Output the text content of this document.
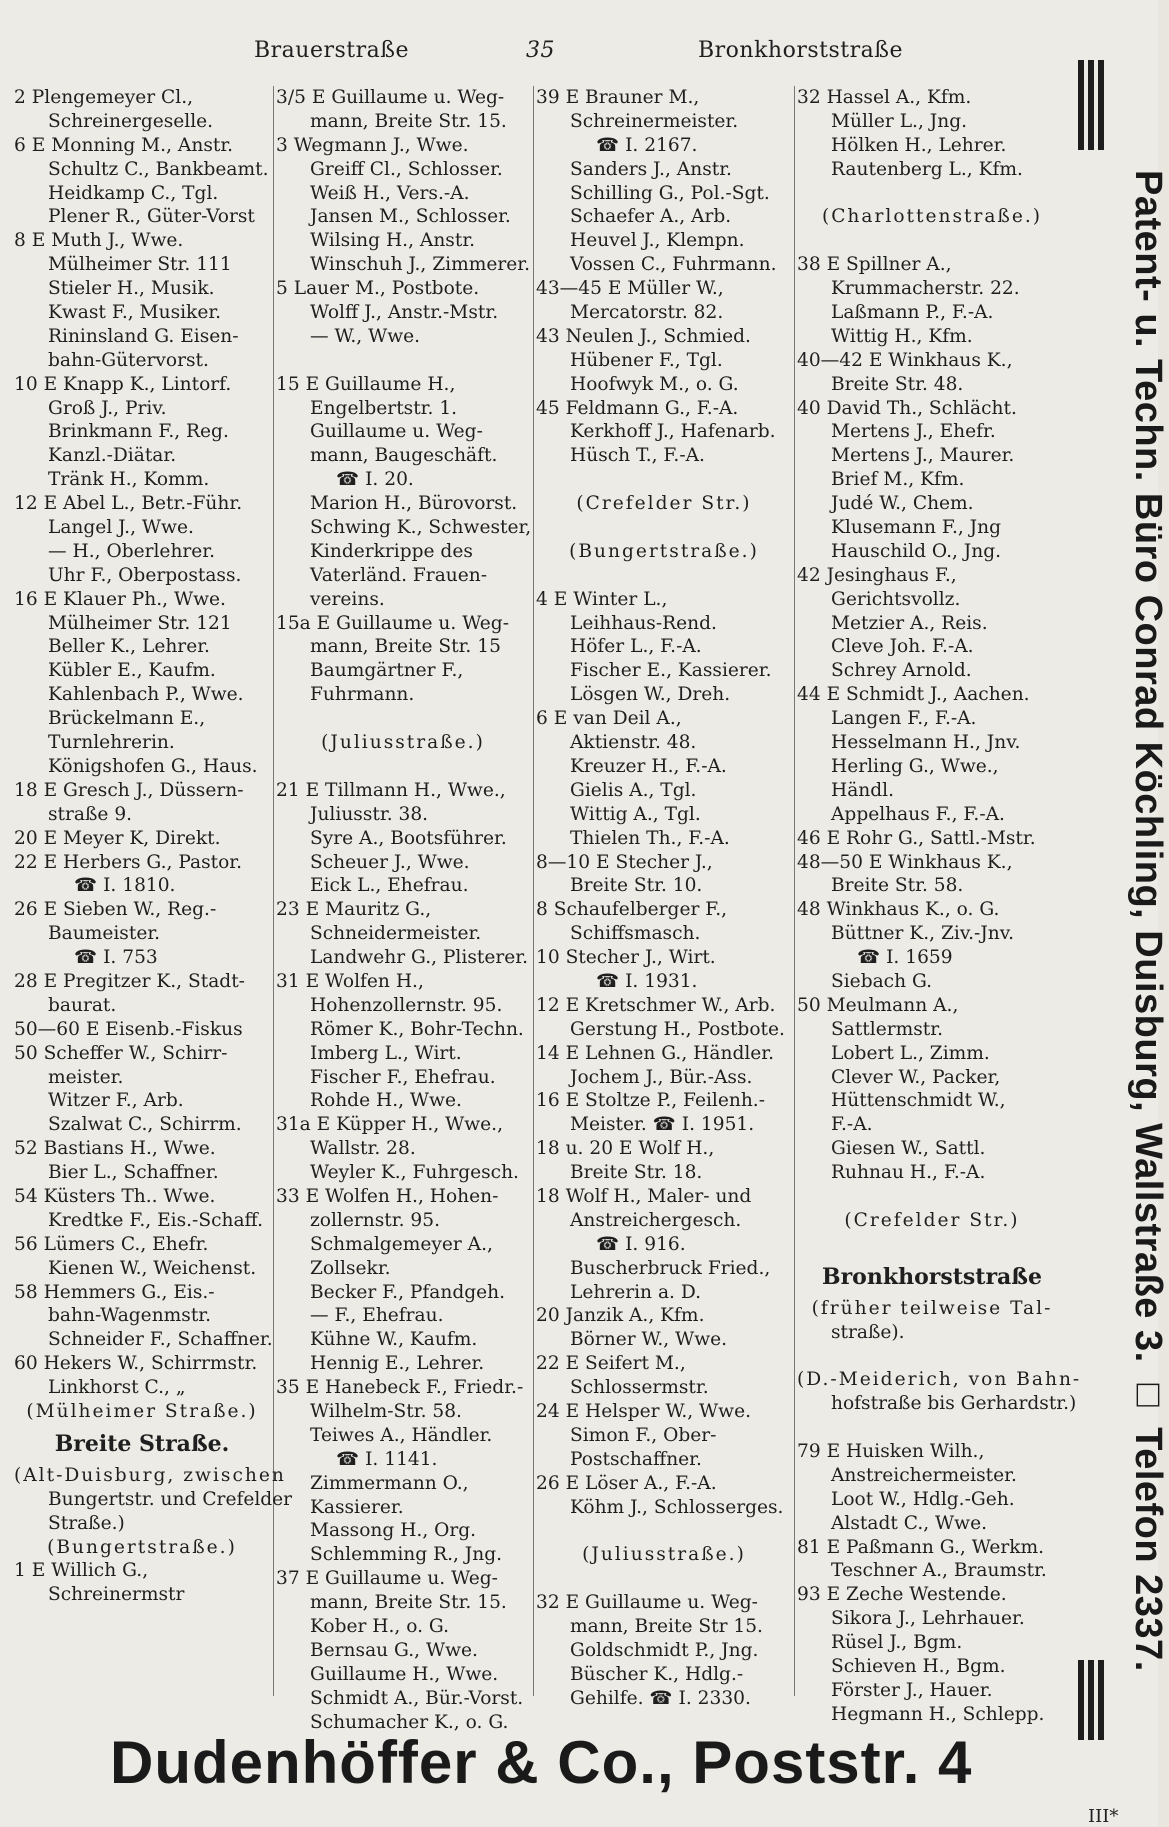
Brauerstraße	35	Bronkhorststraße
2 Plengemeyer Cl.,
Schreinergeselle.
6 E Monning M., Anstr.
Schultz C., Bankbeamt.
Heidkamp C., Tgl.
Plener R., Güter-Vorst
8 E Muth J., Wwe.
Mülheimer Str. 111
Stieler H., Musik.
Kwast F., Musiker.
Rininsland G. Eisen-
bahn-Gütervorst.
10 E Knapp K., Lintorf.
Groß J., Priv.
Brinkmann F., Reg.
Kanzl.-Diätar.
Tränk H., Komm.
12 E Abel L., Betr.-Führ.
Langel J., Wwe.
— H., Oberlehrer.
Uhr F., Oberpostass.
16 E Klauer Ph., Wwe.
Mülheimer Str. 121
Beller K., Lehrer.
Kübler E., Kaufm.
Kahlenbach P., Wwe.
Brückelmann E.,
Turnlehrerin.
Königshofen G., Haus.
18 E Gresch J., Düssern-
straße 9.
20 E Meyer K, Direkt.
22 E Herbers G., Pastor.
☎ I. 1810.
26 E Sieben W., Reg.-
Baumeister.
☎ I. 753
28 E Pregitzer K., Stadt-
baurat.
50—60 E Eisenb.-Fiskus
50 Scheffer W., Schirr-
meister.
Witzer F., Arb.
Szalwat C., Schirrm.
52 Bastians H., Wwe.
Bier L., Schaffner.
54 Küsters Th.. Wwe.
Kredtke F., Eis.-Schaff.
56 Lümers C., Ehefr.
Kienen W., Weichenst.
58 Hemmers G., Eis.-
bahn-Wagenmstr.
Schneider F., Schaffner.
60 Hekers W., Schirrmstr.
Linkhorst C., „
(Mülheimer Straße.)
Breite Straße.
(Alt-Duisburg, zwischen
Bungertstr. und Crefelder
Straße.)
(Bungertstraße.)
1 E Willich G.,
Schreinermstr
3/5 E Guillaume u. Weg-
mann, Breite Str. 15.
3 Wegmann J., Wwe.
Greiff Cl., Schlosser.
Weiß H., Vers.-A.
Jansen M., Schlosser.
Wilsing H., Anstr.
Winschuh J., Zimmerer.
5 Lauer M., Postbote.
Wolff J., Anstr.-Mstr.
— W., Wwe.
15 E Guillaume H.,
Engelbertstr. 1.
Guillaume u. Weg-
mann, Baugeschäft.
☎ I. 20.
Marion H., Bürovorst.
Schwing K., Schwester,
Kinderkrippe des
Vaterländ. Frauen-
vereins.
15a E Guillaume u. Weg-
mann, Breite Str. 15
Baumgärtner F.,
Fuhrmann.
(Juliusstraße.)
21 E Tillmann H., Wwe.,
Juliusstr. 38.
Syre A., Bootsführer.
Scheuer J., Wwe.
Eick L., Ehefrau.
23 E Mauritz G.,
Schneidermeister.
Landwehr G., Plisterer.
31 E Wolfen H.,
Hohenzollernstr. 95.
Römer K., Bohr-Techn.
Imberg L., Wirt.
Fischer F., Ehefrau.
Rohde H., Wwe.
31a E Küpper H., Wwe.,
Wallstr. 28.
Weyler K., Fuhrgesch.
33 E Wolfen H., Hohen-
zollernstr. 95.
Schmalgemeyer A.,
Zollsekr.
Becker F., Pfandgeh.
— F., Ehefrau.
Kühne W., Kaufm.
Hennig E., Lehrer.
35 E Hanebeck F., Friedr.-
Wilhelm-Str. 58.
Teiwes A., Händler.
☎ I. 1141.
Zimmermann O.,
Kassierer.
Massong H., Org.
Schlemming R., Jng.
37 E Guillaume u. Weg-
mann, Breite Str. 15.
Kober H., o. G.
Bernsau G., Wwe.
Guillaume H., Wwe.
Schmidt A., Bür.-Vorst.
Schumacher K., o. G.
39 E Brauner M.,
Schreinermeister.
☎ I. 2167.
Sanders J., Anstr.
Schilling G., Pol.-Sgt.
Schaefer A., Arb.
Heuvel J., Klempn.
Vossen C., Fuhrmann.
43—45 E Müller W.,
Mercatorstr. 82.
43 Neulen J., Schmied.
Hübener F., Tgl.
Hoofwyk M., o. G.
45 Feldmann G., F.-A.
Kerkhoff J., Hafenarb.
Hüsch T., F.-A.
(Crefelder Str.)
(Bungertstraße.)
4 E Winter L.,
Leihhaus-Rend.
Höfer L., F.-A.
Fischer E., Kassierer.
Lösgen W., Dreh.
6 E van Deil A.,
Aktienstr. 48.
Kreuzer H., F.-A.
Gielis A., Tgl.
Wittig A., Tgl.
Thielen Th., F.-A.
8—10 E Stecher J.,
Breite Str. 10.
8 Schaufelberger F.,
Schiffsmasch.
10 Stecher J., Wirt.
☎ I. 1931.
12 E Kretschmer W., Arb.
Gerstung H., Postbote.
14 E Lehnen G., Händler.
Jochem J., Bür.-Ass.
16 E Stoltze P., Feilenh.-
Meister. ☎ I. 1951.
18 u. 20 E Wolf H.,
Breite Str. 18.
18 Wolf H., Maler- und
Anstreichergesch.
☎ I. 916.
Buscherbruck Fried.,
Lehrerin a. D.
20 Janzik A., Kfm.
Börner W., Wwe.
22 E Seifert M.,
Schlossermstr.
24 E Helsper W., Wwe.
Simon F., Ober-
Postschaffner.
26 E Löser A., F.-A.
Köhm J., Schlosserges.
(Juliusstraße.)
32 E Guillaume u. Weg-
mann, Breite Str 15.
Goldschmidt P., Jng.
Büscher K., Hdlg.-
Gehilfe. ☎ I. 2330.
32 Hassel A., Kfm.
Müller L., Jng.
Hölken H., Lehrer.
Rautenberg L., Kfm.
(Charlottenstraße.)
38 E Spillner A.,
Krummacherstr. 22.
Laßmann P., F.-A.
Wittig H., Kfm.
40—42 E Winkhaus K.,
Breite Str. 48.
40 David Th., Schlächt.
Mertens J., Ehefr.
Mertens J., Maurer.
Brief M., Kfm.
Judé W., Chem.
Klusemann F., Jng
Hauschild O., Jng.
42 Jesinghaus F.,
Gerichtsvollz.
Metzier A., Reis.
Cleve Joh. F.-A.
Schrey Arnold.
44 E Schmidt J., Aachen.
Langen F., F.-A.
Hesselmann H., Jnv.
Herling G., Wwe.,
Händl.
Appelhaus F., F.-A.
46 E Rohr G., Sattl.-Mstr.
48—50 E Winkhaus K.,
Breite Str. 58.
48 Winkhaus K., o. G.
Büttner K., Ziv.-Jnv.
☎ I. 1659
Siebach G.
50 Meulmann A.,
Sattlermstr.
Lobert L., Zimm.
Clever W., Packer,
Hüttenschmidt W.,
F.-A.
Giesen W., Sattl.
Ruhnau H., F.-A.
(Crefelder Str.)
Bronkhorststraße
(früher teilweise Tal-
straße).
(D.-Meiderich, von Bahn-
hofstraße bis Gerhardstr.)
79 E Huisken Wilh.,
Anstreichermeister.
Loot W., Hdlg.-Geh.
Alstadt C., Wwe.
81 E Paßmann G., Werkm.
Teschner A., Braumstr.
93 E Zeche Westende.
Sikora J., Lehrhauer.
Rüsel J., Bgm.
Schieven H., Bgm.
Förster J., Hauer.
Hegmann H., Schlepp.
Patent- u. Techn. Büro Conrad Köchling, Duisburg, Wallstraße 3. □ Telefon 2337.
Dudenhöffer & Co., Poststr. 4
III*
